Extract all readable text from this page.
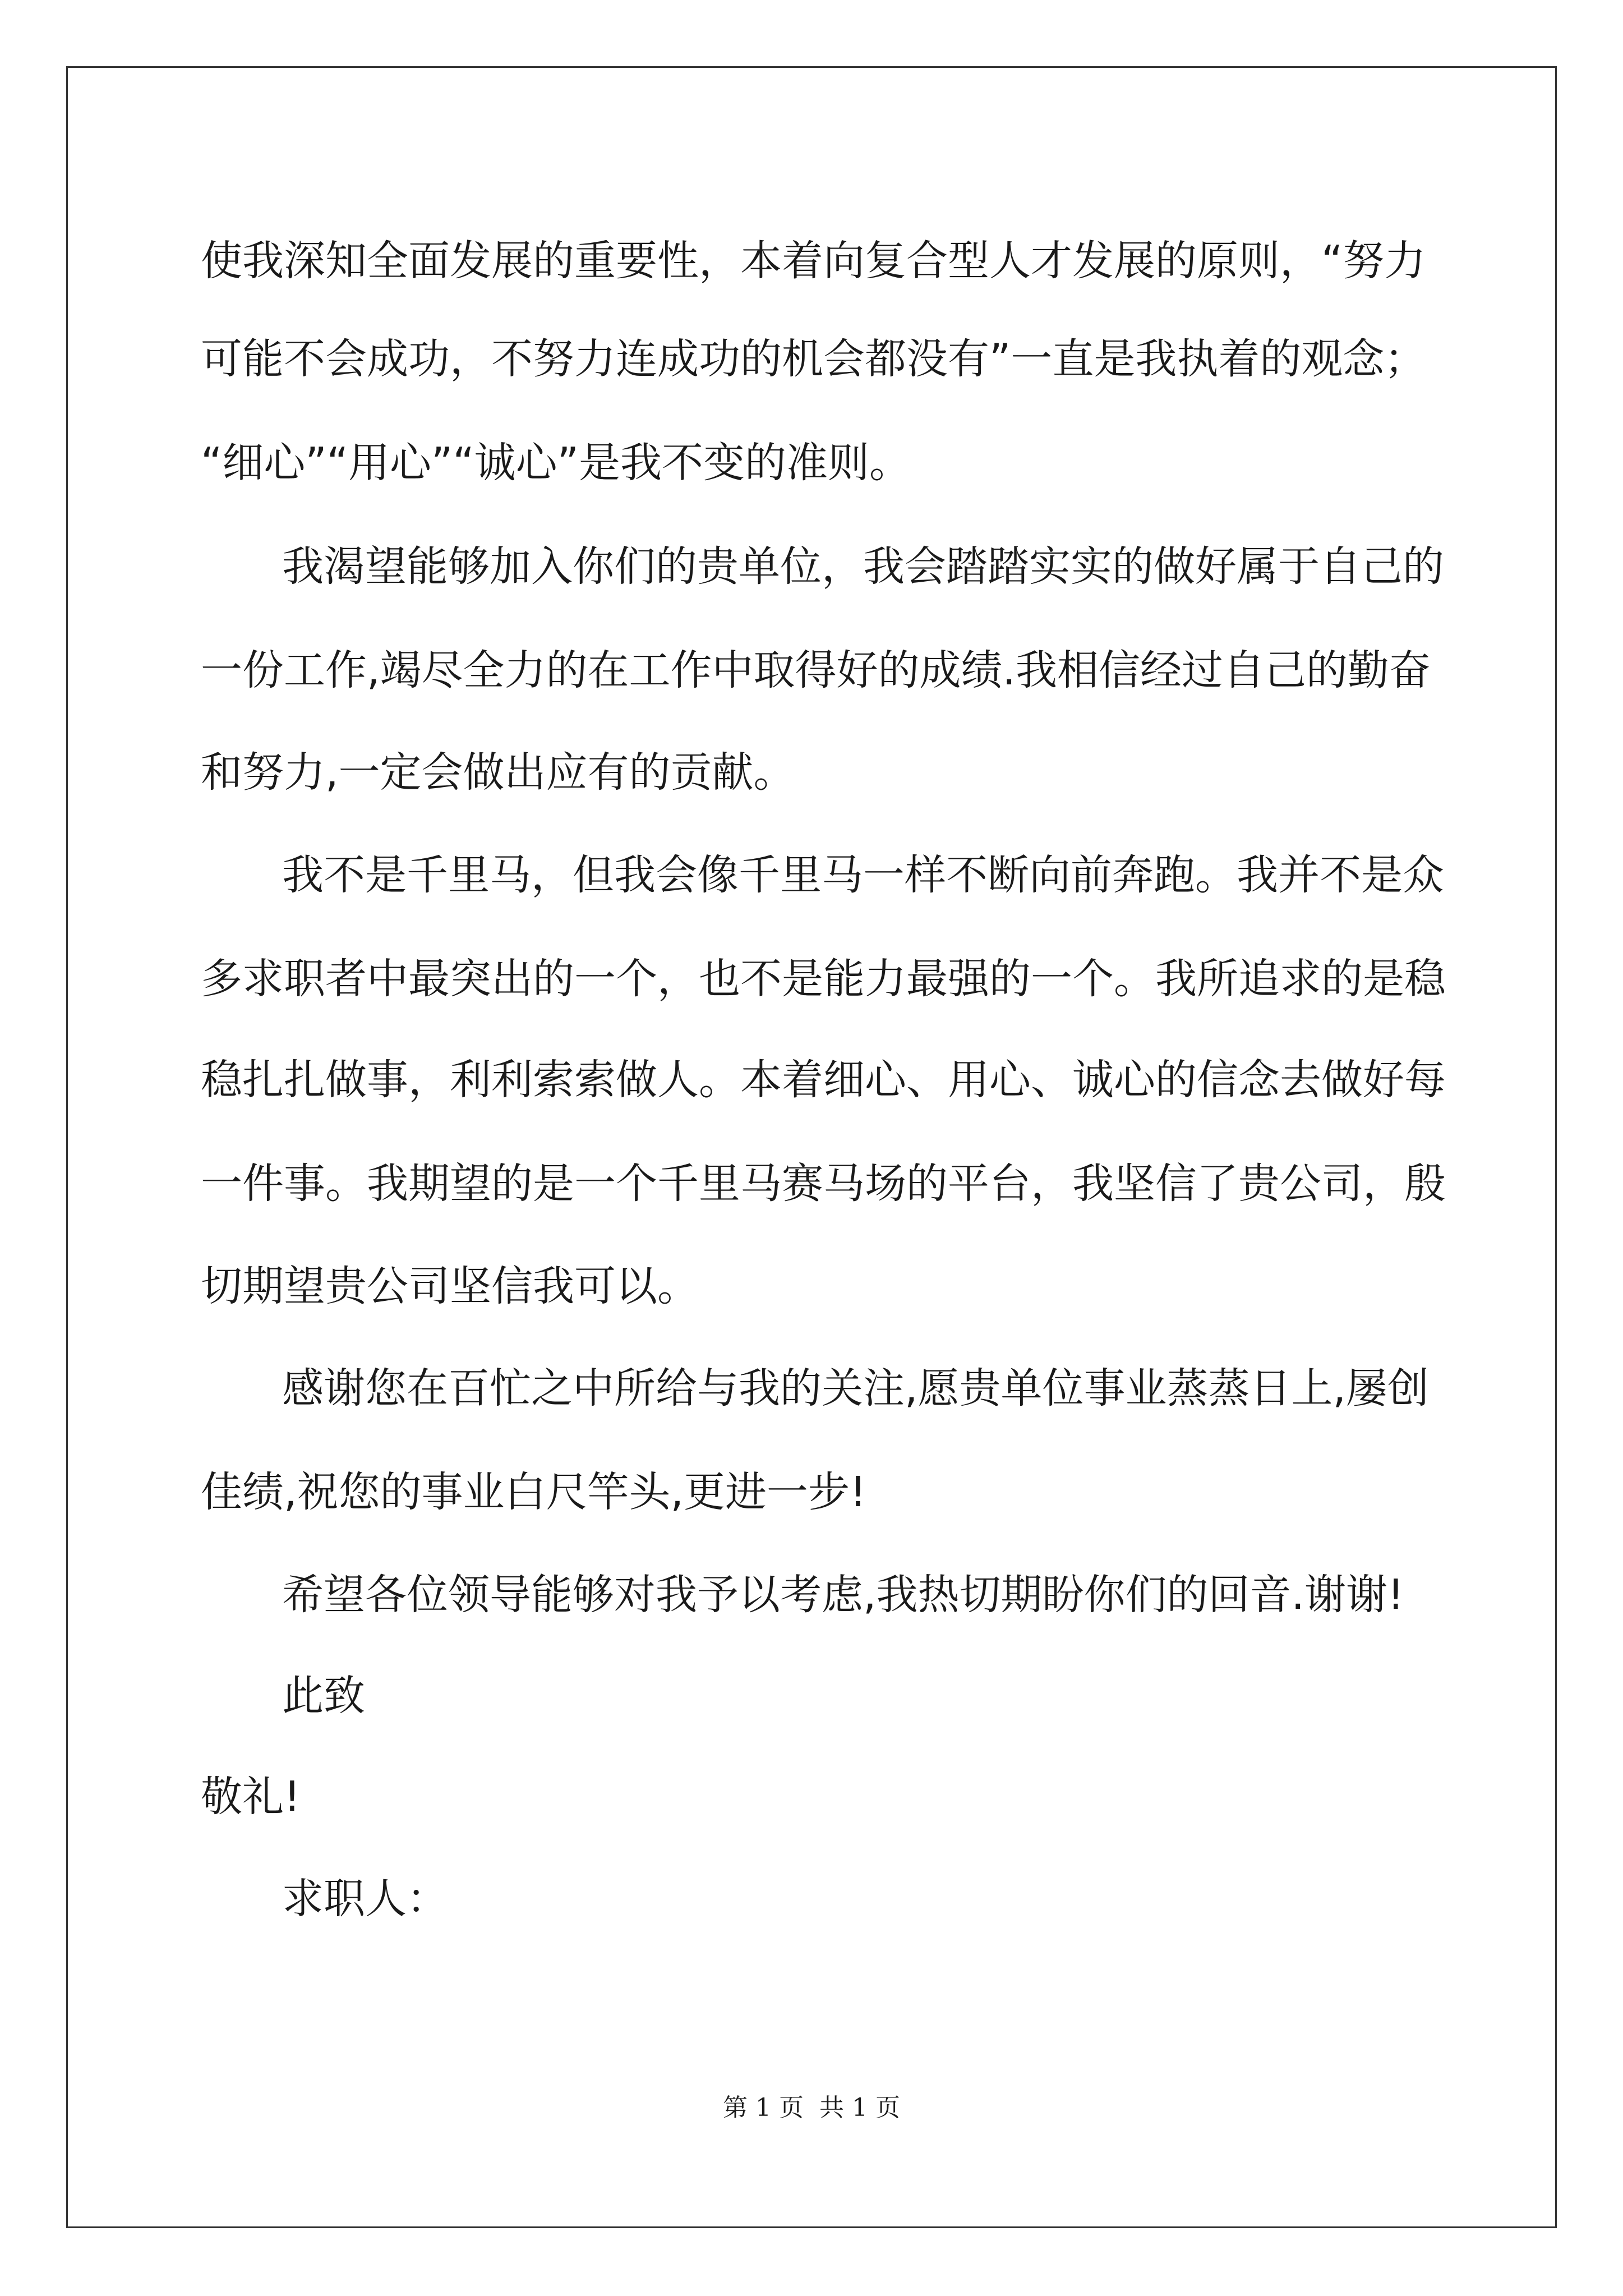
使我深知全面发展的重要性，本着向复合型人才发展的原则，“努力
可能不会成功，不努力连成功的机会都没有”一直是我执着的观念；
“细心”“用心”“诚心”是我不变的准则。
我渴望能够加入你们的贵单位，我会踏踏实实的做好属于自己的
一份工作,竭尽全力的在工作中取得好的成绩.我相信经过自己的勤奋
和努力,一定会做出应有的贡献。
我不是千里马，但我会像千里马一样不断向前奔跑。我并不是众
多求职者中最突出的一个，也不是能力最强的一个。我所追求的是稳
稳扎扎做事，利利索索做人。本着细心、用心、诚心的信念去做好每
一件事。我期望的是一个千里马赛马场的平台，我坚信了贵公司，殷
切期望贵公司坚信我可以。
感谢您在百忙之中所给与我的关注,愿贵单位事业蒸蒸日上,屡创
佳绩,祝您的事业白尺竿头,更进一步!
希望各位领导能够对我予以考虑,我热切期盼你们的回音.谢谢!
此致
敬礼!
求职人：
第 1 页  共 1 页
